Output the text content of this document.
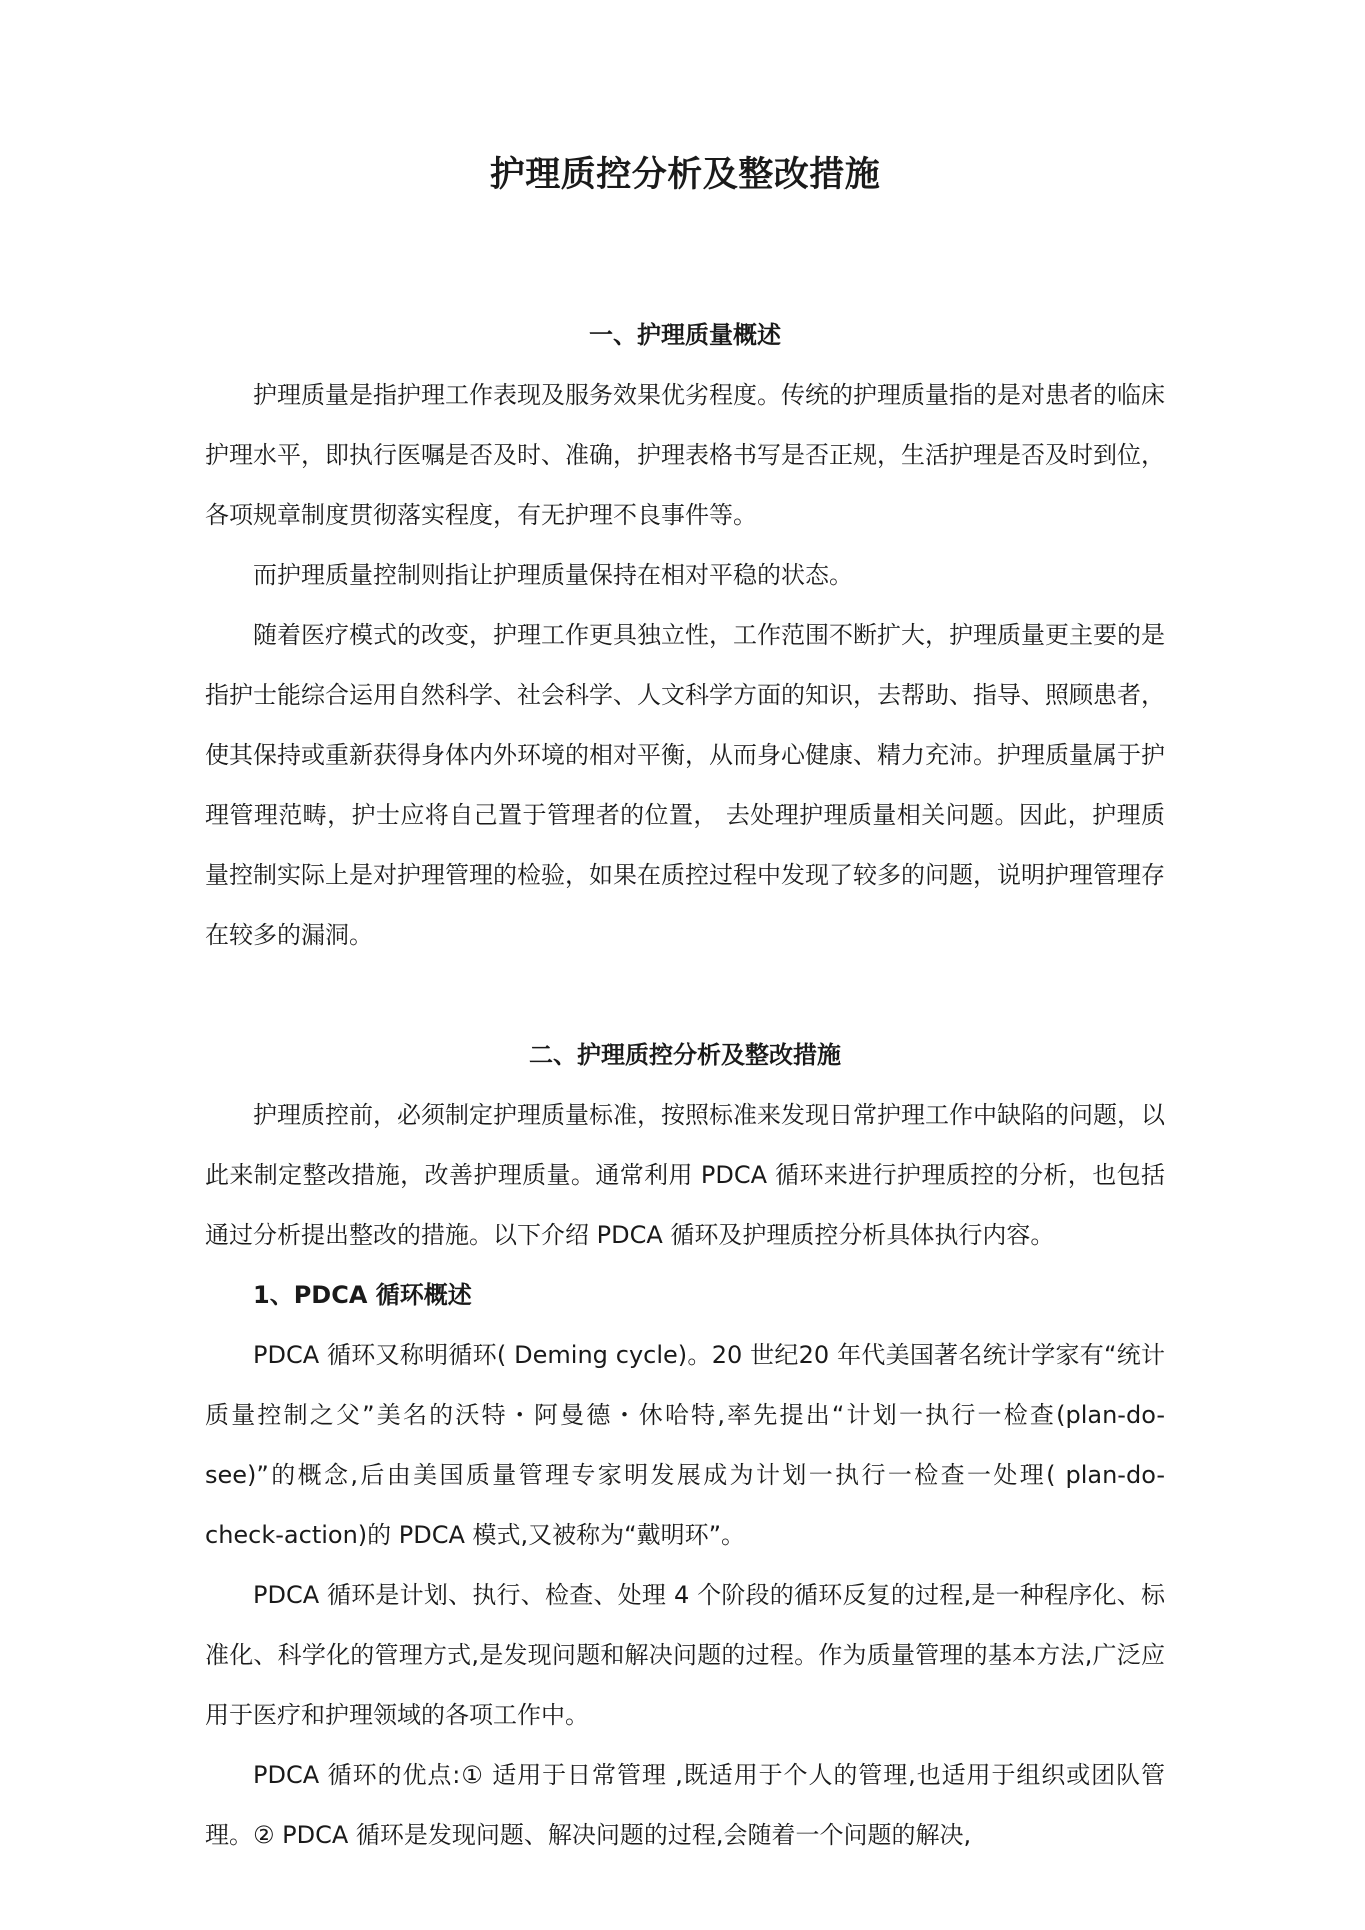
护理质控分析及整改措施
一、护理质量概述

护理质量是指护理工作表现及服务效果优劣程度。传统的护理质量指的是对患者的临床护理水平，即执行医嘱是否及时、准确，护理表格书写是否正规，生活护理是否及时到位，各项规章制度贯彻落实程度，有无护理不良事件等。

而护理质量控制则指让护理质量保持在相对平稳的状态。

随着医疗模式的改变，护理工作更具独立性，工作范围不断扩大，护理质量更主要的是指护士能综合运用自然科学、社会科学、人文科学方面的知识，去帮助、指导、照顾患者，使其保持或重新获得身体内外环境的相对平衡，从而身心健康、精力充沛。护理质量属于护理管理范畴，护士应将自己置于管理者的位置， 去处理护理质量相关问题。因此，护理质量控制实际上是对护理管理的检验，如果在质控过程中发现了较多的问题，说明护理管理存在较多的漏洞。

二、护理质控分析及整改措施

护理质控前，必须制定护理质量标准，按照标准来发现日常护理工作中缺陷的问题，以此来制定整改措施，改善护理质量。通常利用 PDCA 循环来进行护理质控的分析，也包括通过分析提出整改的措施。以下介绍 PDCA 循环及护理质控分析具体执行内容。

1、PDCA 循环概述

PDCA 循环又称明循环( Deming cycle)。20 世纪20 年代美国著名统计学家有“统计质量控制之父”美名的沃特・阿曼德・休哈特,率先提出“计划一执行一检查(plan-do-see)”的概念,后由美国质量管理专家明发展成为计划一执行一检查一处理( plan-do-check-action)的 PDCA 模式,又被称为“戴明环”。

PDCA 循环是计划、执行、检查、处理 4 个阶段的循环反复的过程,是一种程序化、标准化、科学化的管理方式,是发现问题和解决问题的过程。作为质量管理的基本方法,广泛应用于医疗和护理领域的各项工作中。

PDCA 循环的优点:① 适用于日常管理 ,既适用于个人的管理,也适用于组织或团队管理。② PDCA 循环是发现问题、解决问题的过程,会随着一个问题的解决,
